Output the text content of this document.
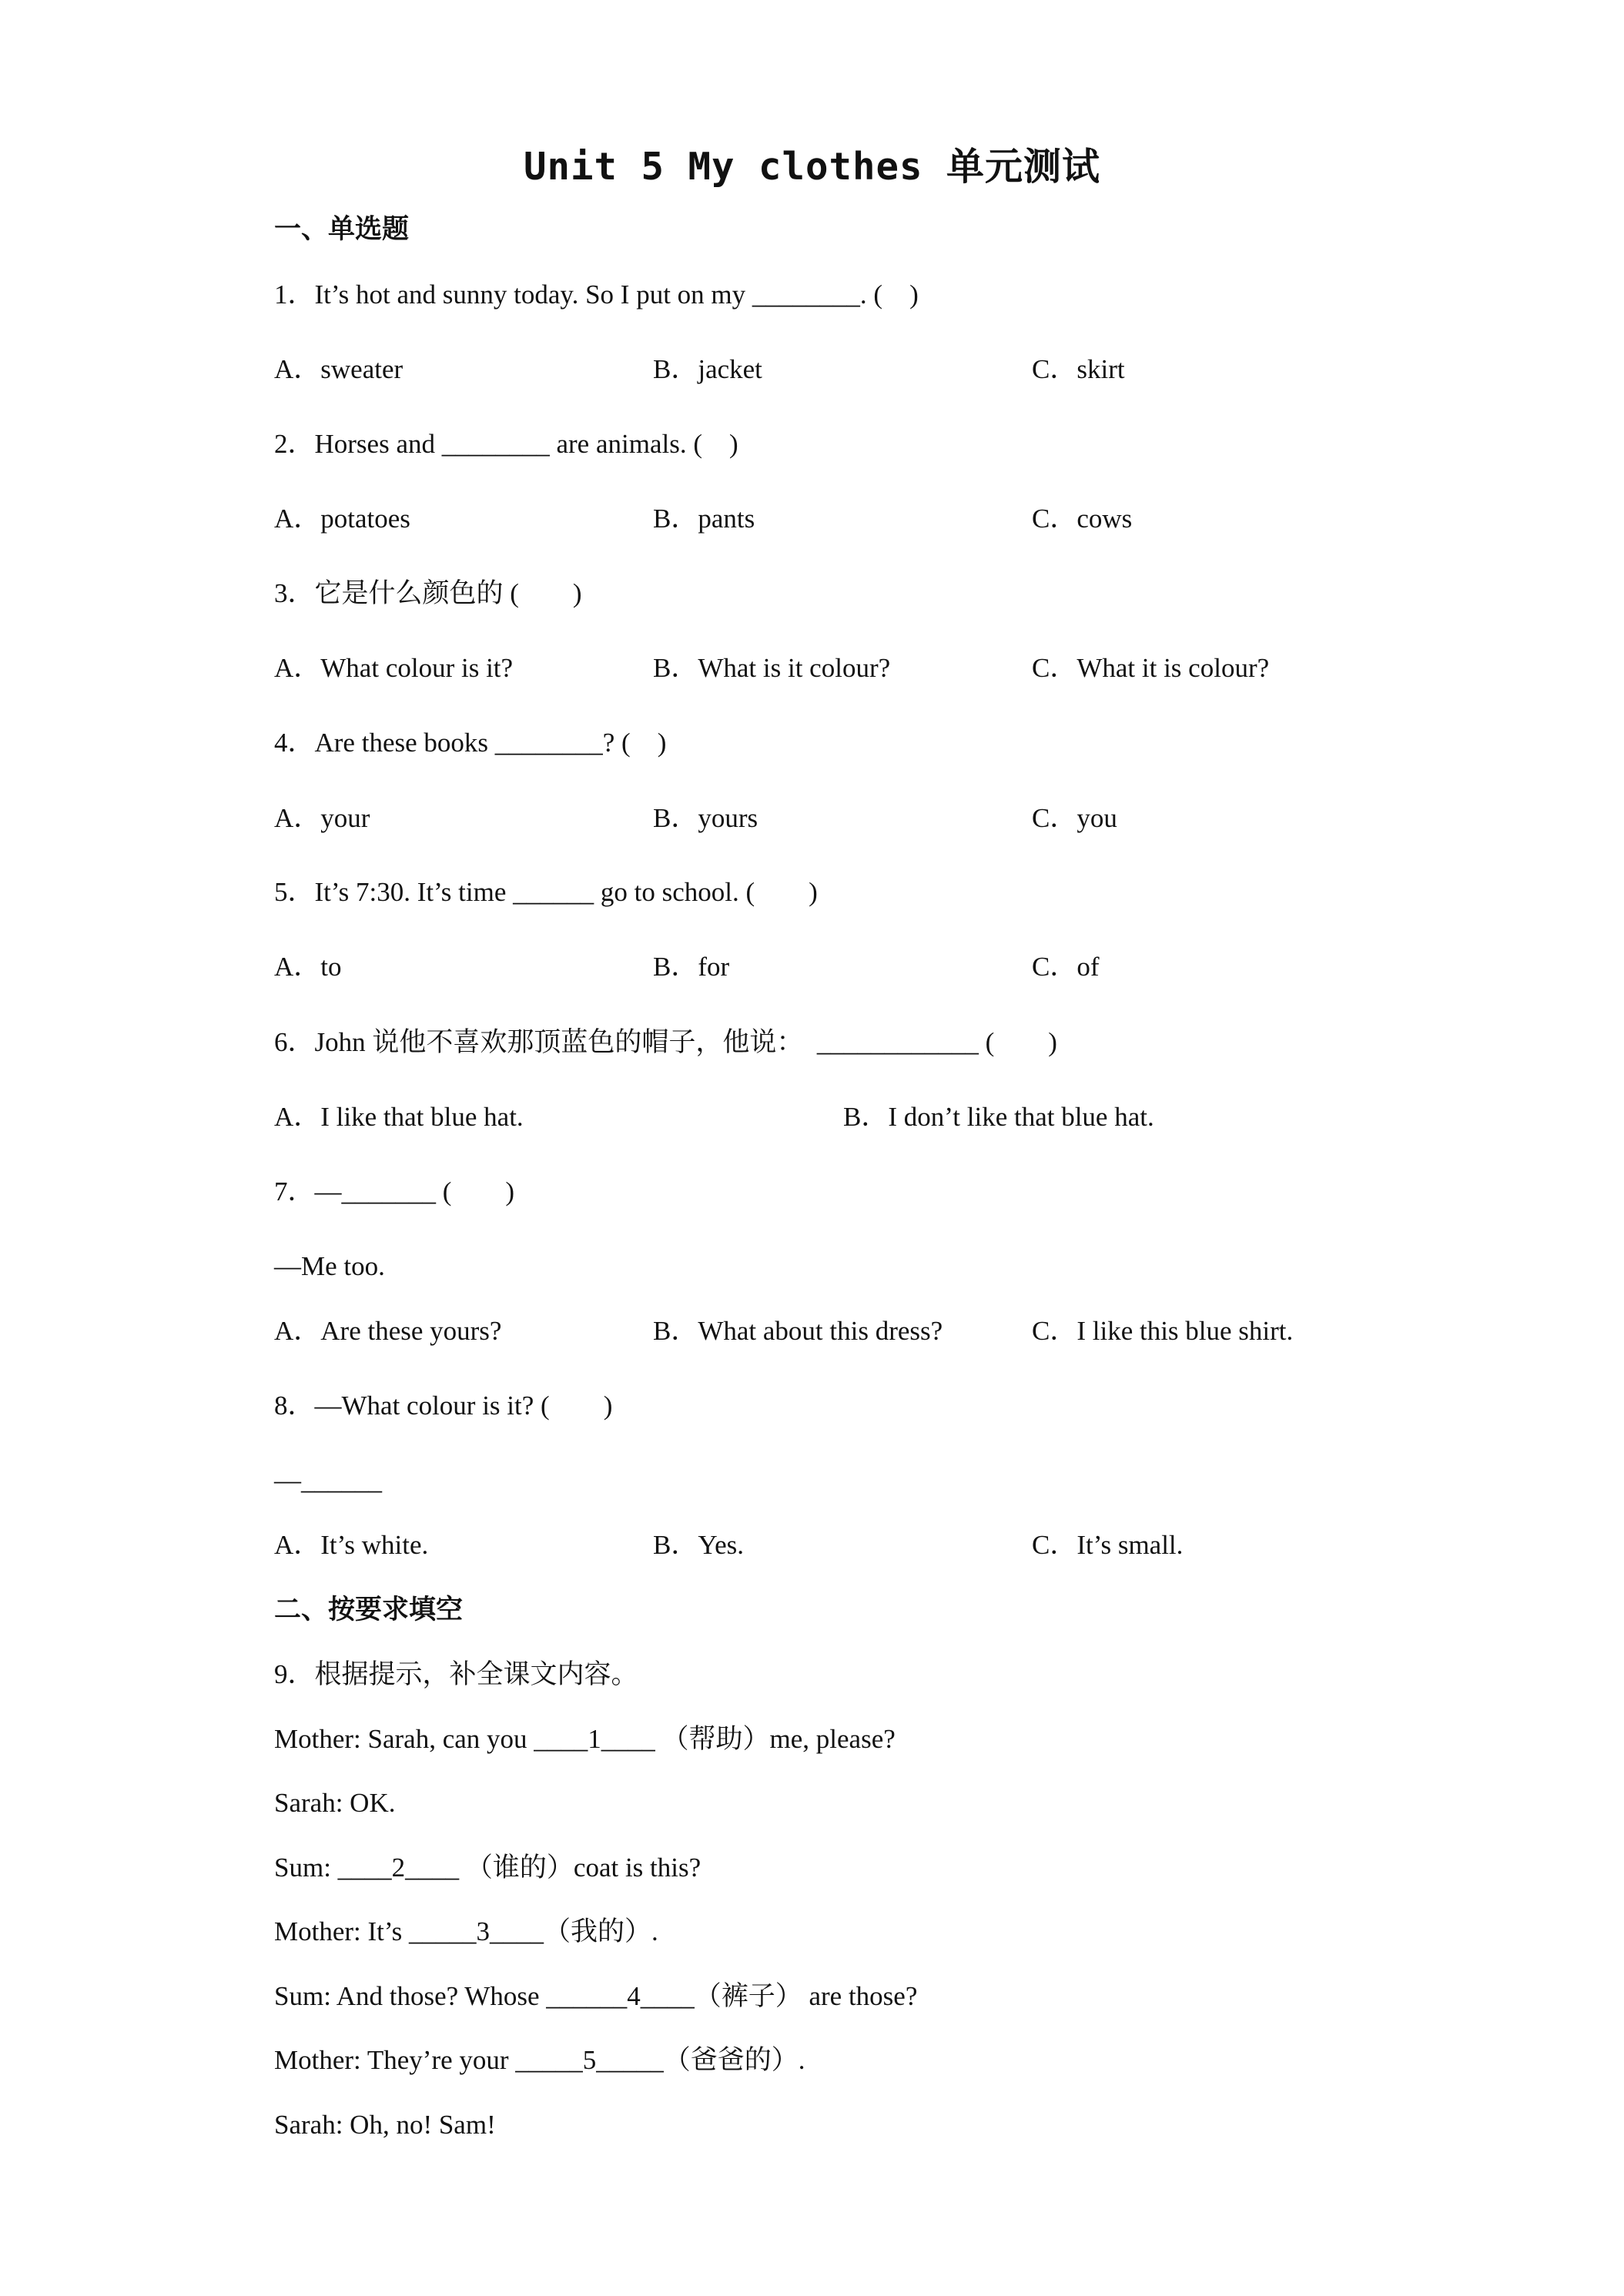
Unit 5 My clothes 单元测试
一、单选题
1．It’s hot and sunny today. So I put on my ________. (　)
A．sweater	B．jacket	C．skirt
2．Horses and ________ are animals. (　)
A．potatoes	B．pants	C．cows
3．它是什么颜色的 (　　)
A．What colour is it?	B．What is it colour?	C．What it is colour?
4．Are these books ________? (　)
A．your	B．yours	C．you
5．It’s 7:30. It’s time ______ go to school. (　　)
A．to	B．for	C．of
6．John 说他不喜欢那顶蓝色的帽子，他说：　____________ (　　)
A．I like that blue hat.	B．I don’t like that blue hat.
7．—_______ (　　)
—Me too.
A．Are these yours?	B．What about this dress?	C．I like this blue shirt.
8．—What colour is it? (　　)
—______
A．It’s white.	B．Yes.	C．It’s small.
二、按要求填空
9．根据提示，补全课文内容。
Mother: Sarah, can you ____1____ （帮助）me, please?
Sarah: OK.
Sum: ____2____ （谁的）coat is this?
Mother: It’s _____3____（我的）.
Sum: And those? Whose ______4____（裤子） are those?
Mother: They’re your _____5_____（爸爸的）.
Sarah: Oh, no! Sam!
